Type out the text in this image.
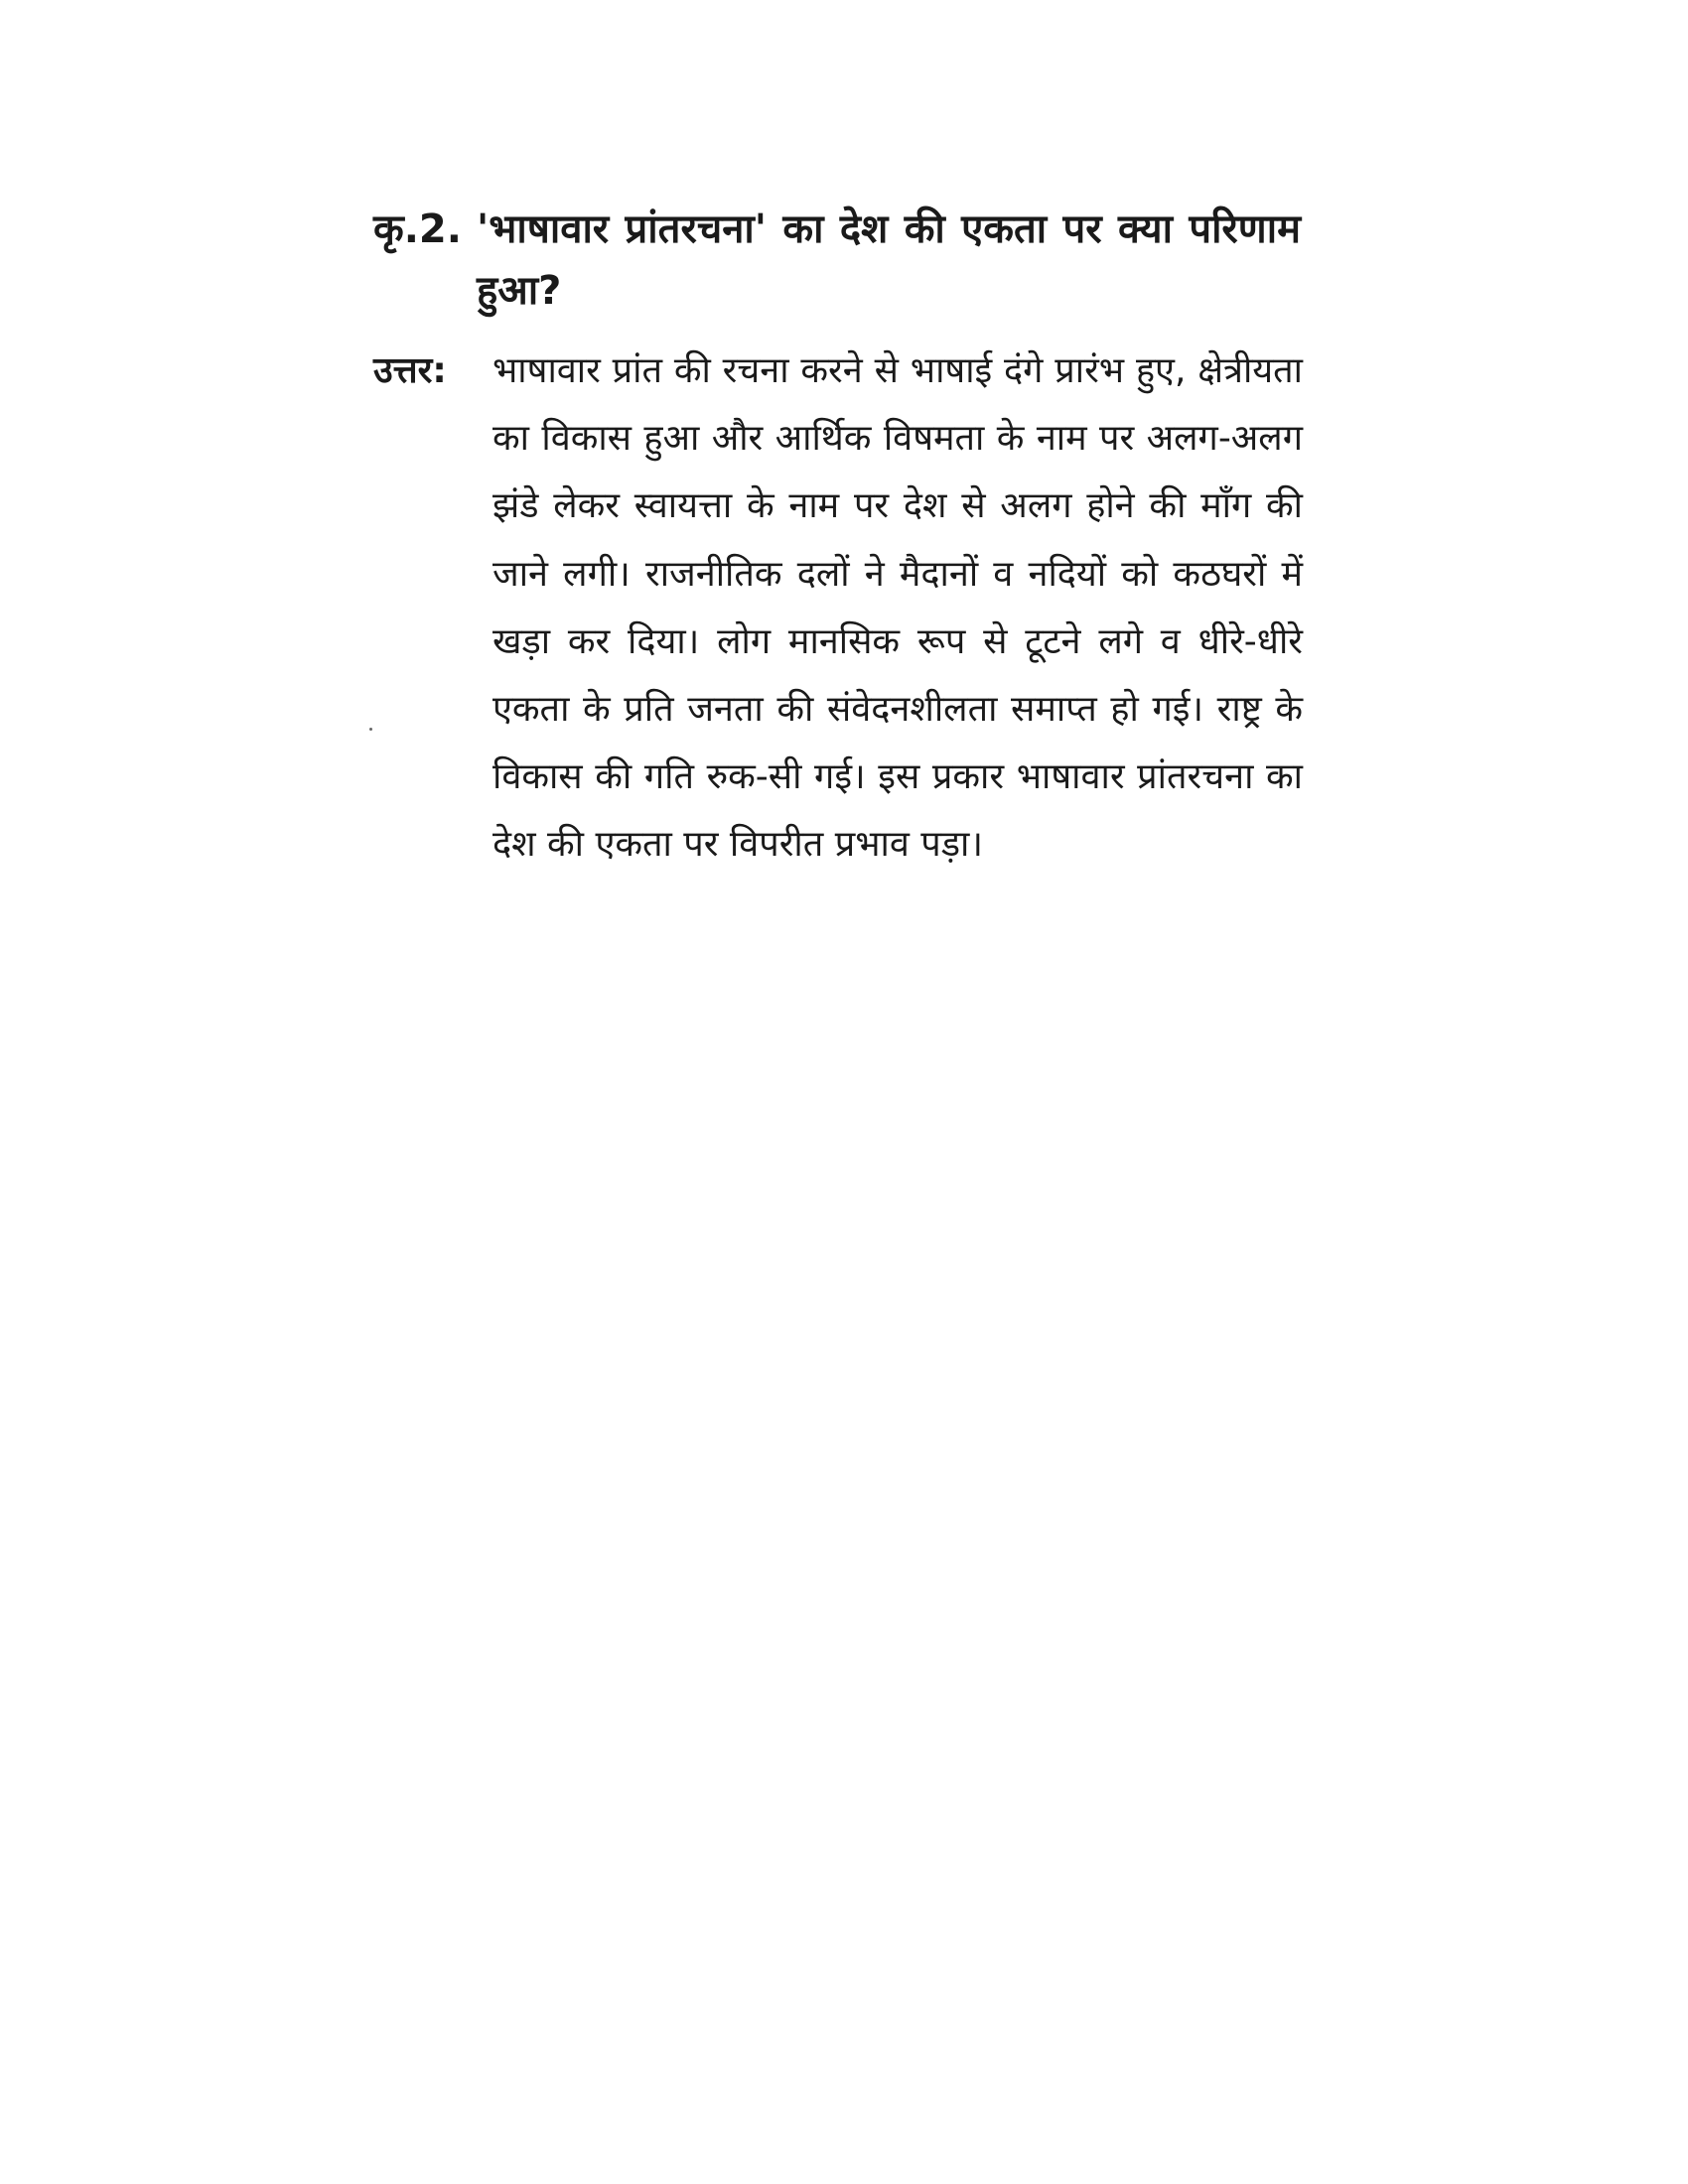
कृ.2. 'भाषावार प्रांतरचना' का देश की एकता पर क्या परिणाम हुआ?
उत्तर: भाषावार प्रांत की रचना करने से भाषाई दंगे प्रारंभ हुए, क्षेत्रीयता का विकास हुआ और आर्थिक विषमता के नाम पर अलग-अलग झंडे लेकर स्वायत्ता के नाम पर देश से अलग होने की माँग की जाने लगी। राजनीतिक दलों ने मैदानों व नदियों को कठघरों में खड़ा कर दिया। लोग मानसिक रूप से टूटने लगे व धीरे-धीरे एकता के प्रति जनता की संवेदनशीलता समाप्त हो गई। राष्ट्र के विकास की गति रुक-सी गई। इस प्रकार भाषावार प्रांतरचना का देश की एकता पर विपरीत प्रभाव पड़ा।
